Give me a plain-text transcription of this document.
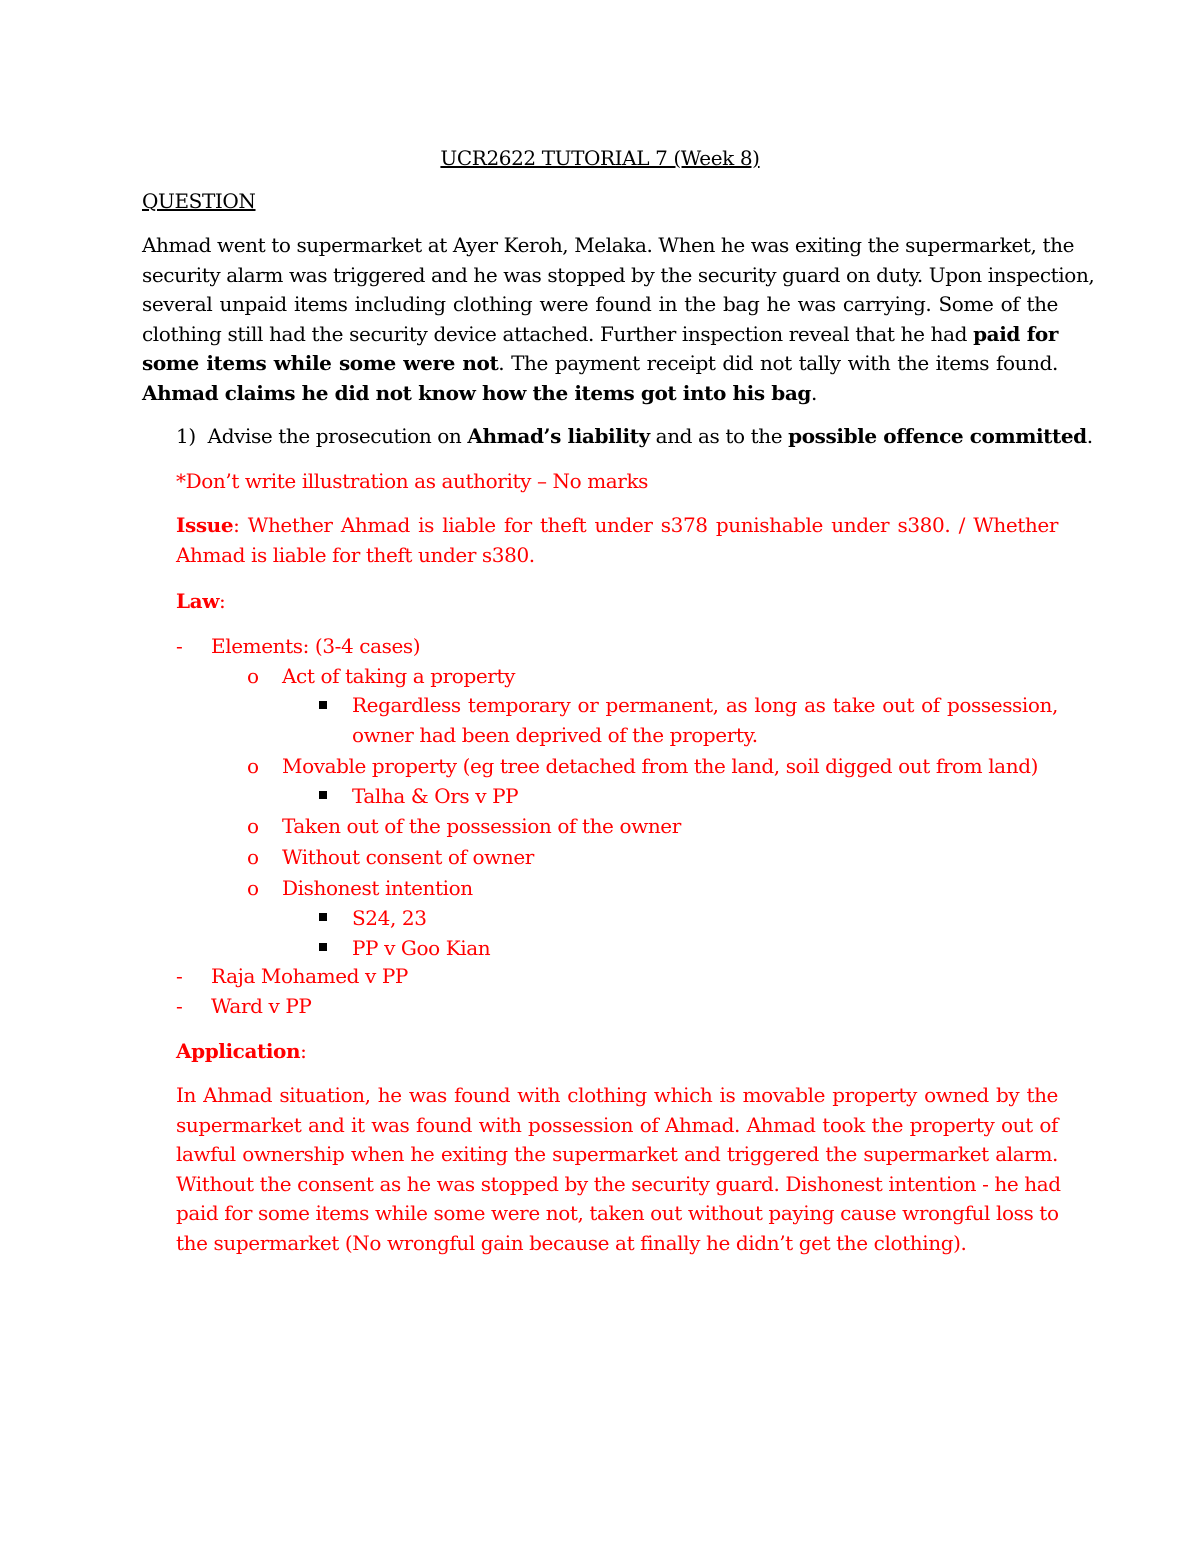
UCR2622 TUTORIAL 7 (Week 8)

QUESTION

Ahmad went to supermarket at Ayer Keroh, Melaka. When he was exiting the supermarket, the
security alarm was triggered and he was stopped by the security guard on duty. Upon inspection,
several unpaid items including clothing were found in the bag he was carrying. Some of the
clothing still had the security device attached. Further inspection reveal that he had paid for
some items while some were not. The payment receipt did not tally with the items found.
Ahmad claims he did not know how the items got into his bag.

1) Advise the prosecution on Ahmad’s liability and as to the possible offence committed.

*Don’t write illustration as authority – No marks

Issue: Whether Ahmad is liable for theft under s378 punishable under s380. / Whether
Ahmad is liable for theft under s380.

Law:

-
-
-
o
o
o
o
o

Elements: (3-4 cases)

Act of taking a property

Regardless temporary or permanent, as long as take out of possession,
owner had been deprived of the property.

Movable property (eg tree detached from the land, soil digged out from land)

Talha & Ors v PP

Taken out of the possession of the owner

Without consent of owner

Dishonest intention

S24, 23

PP v Goo Kian

Raja Mohamed v PP

Ward v PP

Application:

In Ahmad situation, he was found with clothing which is movable property owned by the
supermarket and it was found with possession of Ahmad. Ahmad took the property out of
lawful ownership when he exiting the supermarket and triggered the supermarket alarm.
Without the consent as he was stopped by the security guard. Dishonest intention - he had
paid for some items while some were not, taken out without paying cause wrongful loss to
the supermarket (No wrongful gain because at finally he didn’t get the clothing).
